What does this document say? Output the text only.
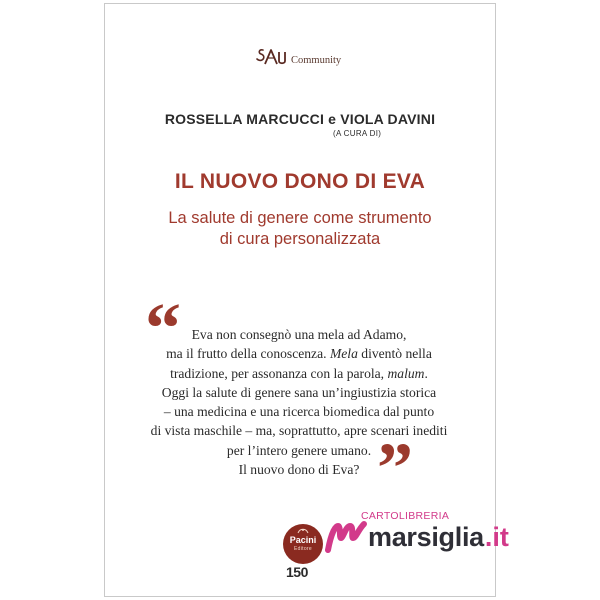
Community
ROSSELLA MARCUCCI e VIOLA DAVINI
(A CURA DI)
IL NUOVO DONO DI EVA
La salute di genere come strumento
di cura personalizzata
“ Eva non consegnò una mela ad Adamo,
ma il frutto della conoscenza. Mela diventò nella
tradizione, per assonanza con la parola, malum.
Oggi la salute di genere sana un’ingiustizia storica
– una medicina e una ricerca biomedica dal punto
di vista maschile – ma, soprattutto, apre scenari inediti
per l’intero genere umano.
Il nuovo dono di Eva? ”
Pacini
Editore
150
CARTOLIBRERIA
marsiglia .it
